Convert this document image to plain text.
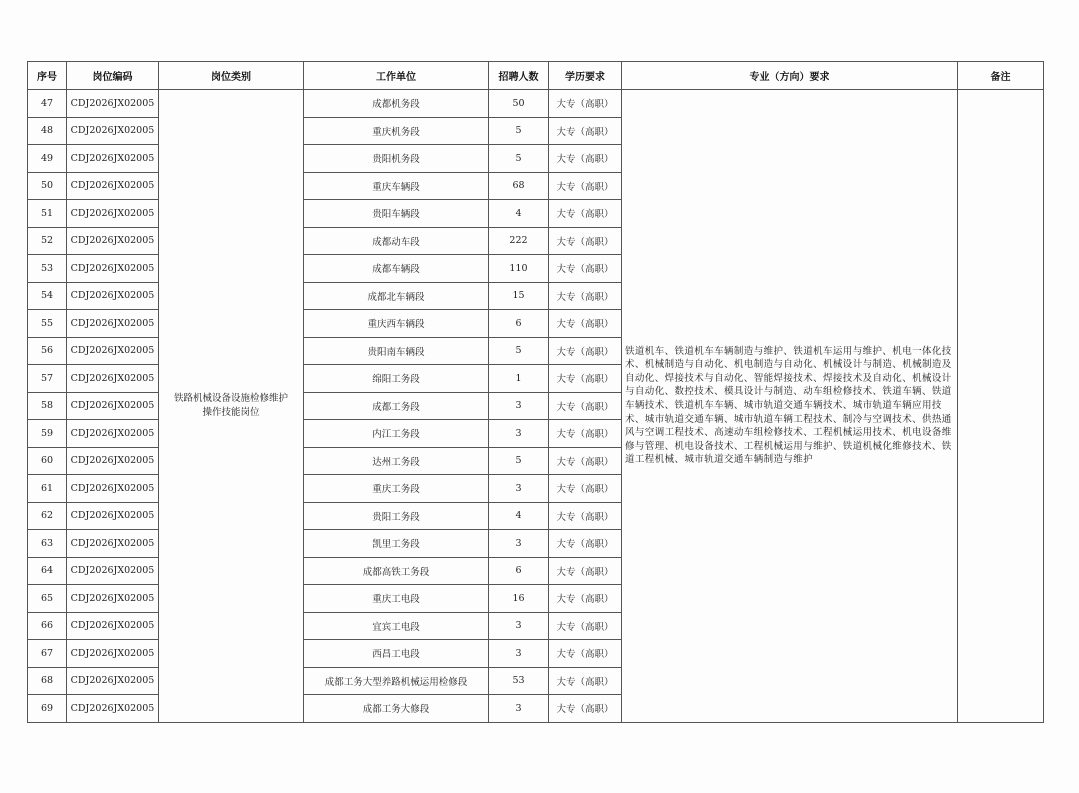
序号	岗位编码	岗位类别	工作单位	招聘人数	学历要求	专业（方向）要求	备注
47	CDJ2026JX02005	铁路机械设备设施检修维护操作技能岗位	成都机务段	50	大专（高职）	铁道机车、铁道机车车辆制造与维护、铁道机车运用与维护、机电一体化技术、机械制造与自动化、机电制造与自动化、机械设计与制造、机械制造及自动化、焊接技术与自动化、智能焊接技术、焊接技术及自动化、机械设计与自动化、数控技术、模具设计与制造、动车组检修技术、铁道车辆、铁道车辆技术、铁道机车车辆、城市轨道交通车辆技术、城市轨道车辆应用技术、城市轨道交通车辆、城市轨道车辆工程技术、制冷与空调技术、供热通风与空调工程技术、高速动车组检修技术、工程机械运用技术、机电设备维修与管理、机电设备技术、工程机械运用与维护、铁道机械化维修技术、铁道工程机械、城市轨道交通车辆制造与维护	
48	CDJ2026JX02005		重庆机务段	5	大专（高职）		
49	CDJ2026JX02005		贵阳机务段	5	大专（高职）		
50	CDJ2026JX02005		重庆车辆段	68	大专（高职）		
51	CDJ2026JX02005		贵阳车辆段	4	大专（高职）		
52	CDJ2026JX02005		成都动车段	222	大专（高职）		
53	CDJ2026JX02005		成都车辆段	110	大专（高职）		
54	CDJ2026JX02005		成都北车辆段	15	大专（高职）		
55	CDJ2026JX02005		重庆西车辆段	6	大专（高职）		
56	CDJ2026JX02005		贵阳南车辆段	5	大专（高职）		
57	CDJ2026JX02005		绵阳工务段	1	大专（高职）		
58	CDJ2026JX02005		成都工务段	3	大专（高职）		
59	CDJ2026JX02005		内江工务段	3	大专（高职）		
60	CDJ2026JX02005		达州工务段	5	大专（高职）		
61	CDJ2026JX02005		重庆工务段	3	大专（高职）		
62	CDJ2026JX02005		贵阳工务段	4	大专（高职）		
63	CDJ2026JX02005		凯里工务段	3	大专（高职）		
64	CDJ2026JX02005		成都高铁工务段	6	大专（高职）		
65	CDJ2026JX02005		重庆工电段	16	大专（高职）		
66	CDJ2026JX02005		宜宾工电段	3	大专（高职）		
67	CDJ2026JX02005		西昌工电段	3	大专（高职）		
68	CDJ2026JX02005		成都工务大型养路机械运用检修段	53	大专（高职）		
69	CDJ2026JX02005		成都工务大修段	3	大专（高职）		
